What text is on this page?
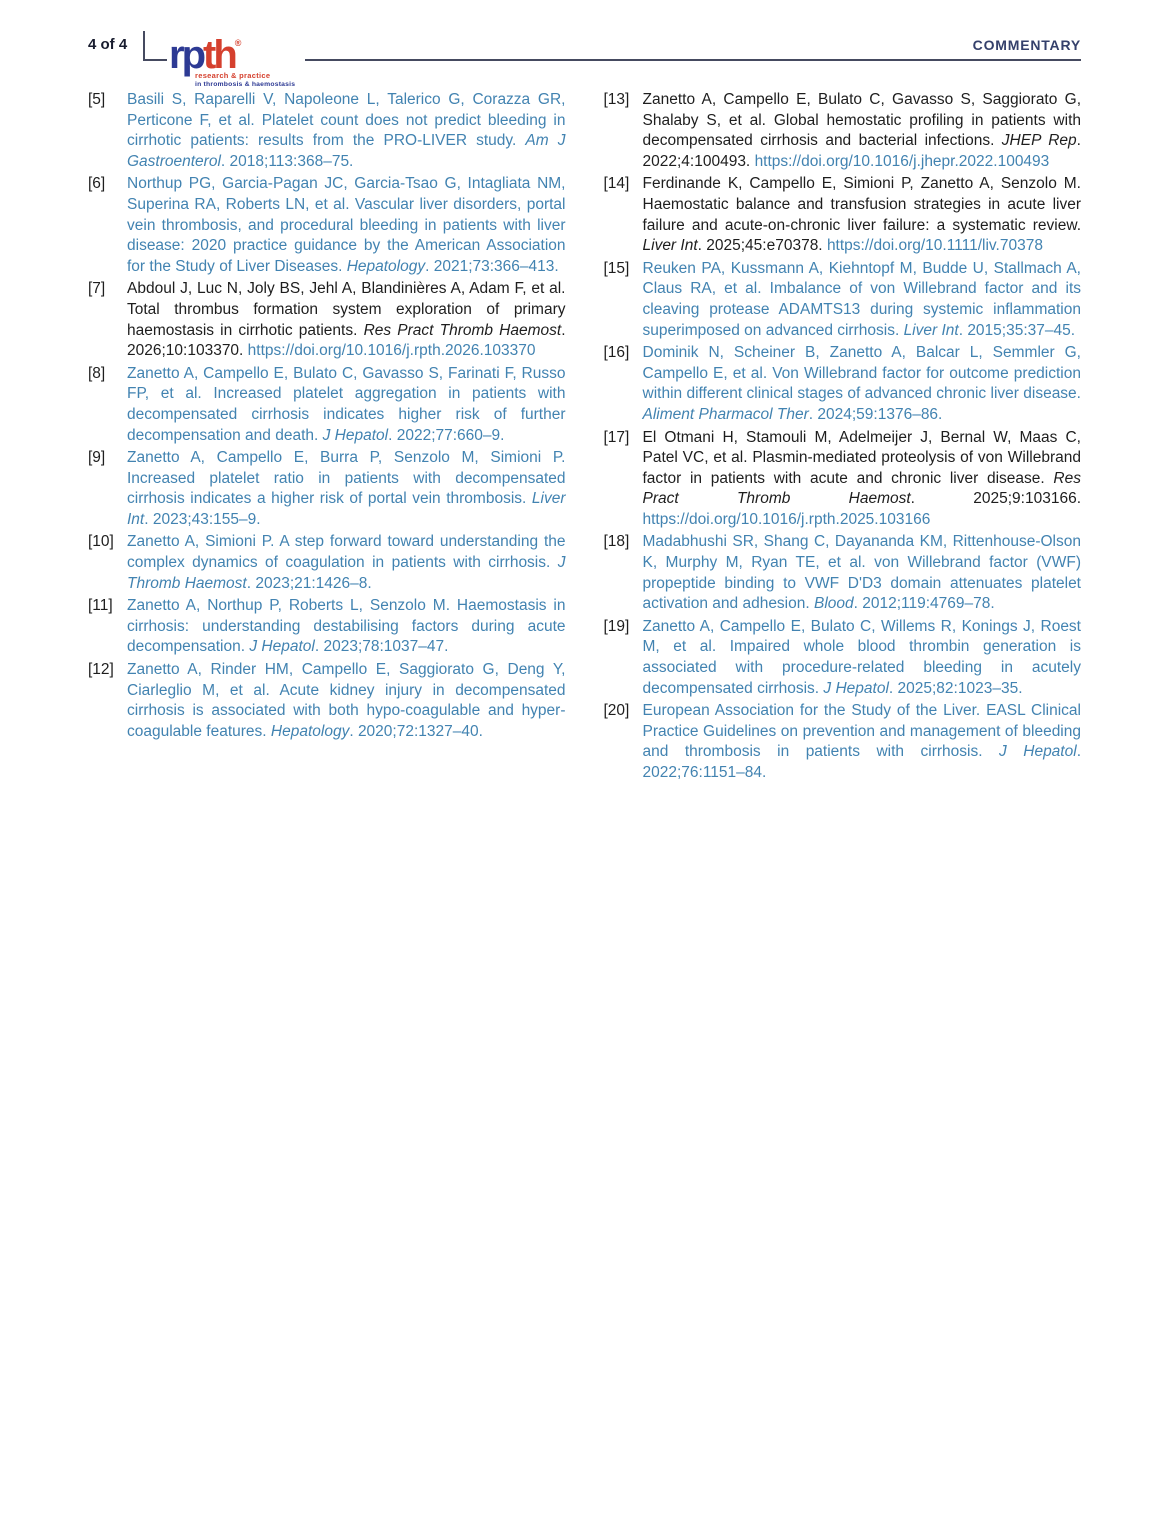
4 of 4 rpth®
research & practice
in thrombosis & haemostasis
COMMENTARY
[5]	Basili S, Raparelli V, Napoleone L, Talerico G, Corazza GR, Perticone F, et al. Platelet count does not predict bleeding in cirrhotic patients: results from the PRO-LIVER study. Am J Gastroenterol. 2018;113:368–75.
[6]	Northup PG, Garcia-Pagan JC, Garcia-Tsao G, Intagliata NM, Superina RA, Roberts LN, et al. Vascular liver disorders, portal vein thrombosis, and procedural bleeding in patients with liver disease: 2020 practice guidance by the American Association for the Study of Liver Diseases. Hepatology. 2021;73:366–413.
[7]	Abdoul J, Luc N, Joly BS, Jehl A, Blandinières A, Adam F, et al. Total thrombus formation system exploration of primary haemostasis in cirrhotic patients. Res Pract Thromb Haemost. 2026;10:103370. https://doi.org/10.1016/j.rpth.2026.103370
[8]	Zanetto A, Campello E, Bulato C, Gavasso S, Farinati F, Russo FP, et al. Increased platelet aggregation in patients with decompensated cirrhosis indicates higher risk of further decompensation and death. J Hepatol. 2022;77:660–9.
[9]	Zanetto A, Campello E, Burra P, Senzolo M, Simioni P. Increased platelet ratio in patients with decompensated cirrhosis indicates a higher risk of portal vein thrombosis. Liver Int. 2023;43:155–9.
[10] Zanetto A, Simioni P. A step forward toward understanding the complex dynamics of coagulation in patients with cirrhosis. J Thromb Haemost. 2023;21:1426–8.
[11] Zanetto A, Northup P, Roberts L, Senzolo M. Haemostasis in cirrhosis: understanding destabilising factors during acute decompensation. J Hepatol. 2023;78:1037–47.
[12] Zanetto A, Rinder HM, Campello E, Saggiorato G, Deng Y, Ciarleglio M, et al. Acute kidney injury in decompensated cirrhosis is associated with both hypo-coagulable and hyper-coagulable features. Hepatology. 2020;72:1327–40.
[13] Zanetto A, Campello E, Bulato C, Gavasso S, Saggiorato G, Shalaby S, et al. Global hemostatic profiling in patients with decompensated cirrhosis and bacterial infections. JHEP Rep. 2022;4:100493. https://doi.org/10.1016/j.jhepr.2022.100493
[14] Ferdinande K, Campello E, Simioni P, Zanetto A, Senzolo M. Haemostatic balance and transfusion strategies in acute liver failure and acute-on-chronic liver failure: a systematic review. Liver Int. 2025;45:e70378. https://doi.org/10.1111/liv.70378
[15] Reuken PA, Kussmann A, Kiehntopf M, Budde U, Stallmach A, Claus RA, et al. Imbalance of von Willebrand factor and its cleaving protease ADAMTS13 during systemic inflammation superimposed on advanced cirrhosis. Liver Int. 2015;35:37–45.
[16] Dominik N, Scheiner B, Zanetto A, Balcar L, Semmler G, Campello E, et al. Von Willebrand factor for outcome prediction within different clinical stages of advanced chronic liver disease. Aliment Pharmacol Ther. 2024;59:1376–86.
[17] El Otmani H, Stamouli M, Adelmeijer J, Bernal W, Maas C, Patel VC, et al. Plasmin-mediated proteolysis of von Willebrand factor in patients with acute and chronic liver disease. Res Pract Thromb Haemost. 2025;9:103166. https://doi.org/10.1016/j.rpth.2025.103166
[18] Madabhushi SR, Shang C, Dayananda KM, Rittenhouse-Olson K, Murphy M, Ryan TE, et al. von Willebrand factor (VWF) propeptide binding to VWF D'D3 domain attenuates platelet activation and adhesion. Blood. 2012;119:4769–78.
[19] Zanetto A, Campello E, Bulato C, Willems R, Konings J, Roest M, et al. Impaired whole blood thrombin generation is associated with procedure-related bleeding in acutely decompensated cirrhosis. J Hepatol. 2025;82:1023–35.
[20] European Association for the Study of the Liver. EASL Clinical Practice Guidelines on prevention and management of bleeding and thrombosis in patients with cirrhosis. J Hepatol. 2022;76:1151–84.
